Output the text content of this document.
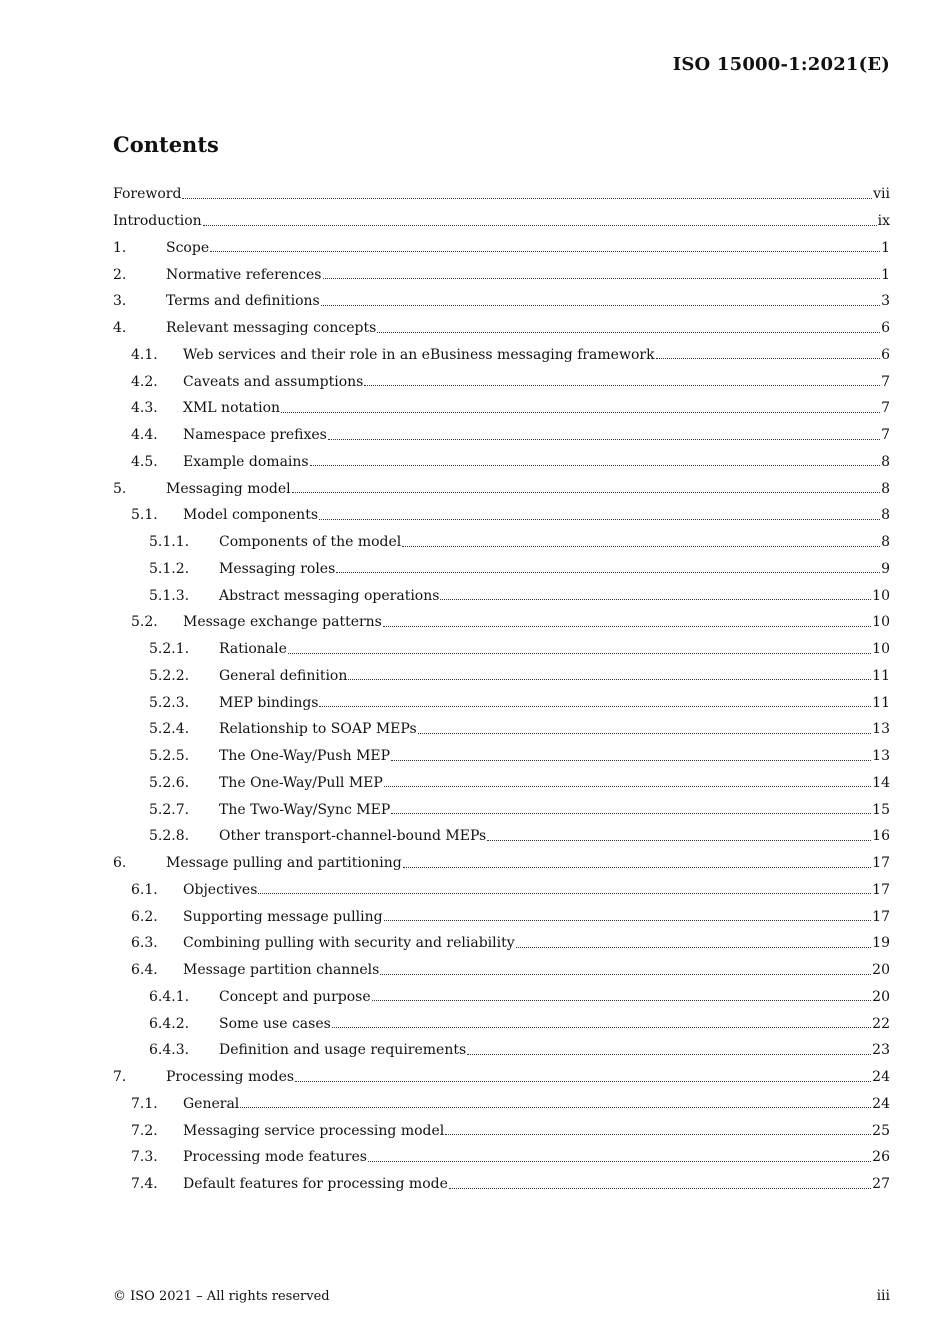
ISO 15000-1:2021(E)
Contents
Foreword	vii
Introduction	ix
1.	Scope	1
2.	Normative references	1
3.	Terms and definitions	3
4.	Relevant messaging concepts	6
4.1.	Web services and their role in an eBusiness messaging framework	6
4.2.	Caveats and assumptions	7
4.3.	XML notation	7
4.4.	Namespace prefixes	7
4.5.	Example domains	8
5.	Messaging model	8
5.1.	Model components	8
5.1.1.	Components of the model	8
5.1.2.	Messaging roles	9
5.1.3.	Abstract messaging operations	10
5.2.	Message exchange patterns	10
5.2.1.	Rationale	10
5.2.2.	General definition	11
5.2.3.	MEP bindings	11
5.2.4.	Relationship to SOAP MEPs	13
5.2.5.	The One-Way/Push MEP	13
5.2.6.	The One-Way/Pull MEP	14
5.2.7.	The Two-Way/Sync MEP	15
5.2.8.	Other transport-channel-bound MEPs	16
6.	Message pulling and partitioning	17
6.1.	Objectives	17
6.2.	Supporting message pulling	17
6.3.	Combining pulling with security and reliability	19
6.4.	Message partition channels	20
6.4.1.	Concept and purpose	20
6.4.2.	Some use cases	22
6.4.3.	Definition and usage requirements	23
7.	Processing modes	24
7.1.	General	24
7.2.	Messaging service processing model	25
7.3.	Processing mode features	26
7.4.	Default features for processing mode	27
© ISO 2021 – All rights reserved	iii
